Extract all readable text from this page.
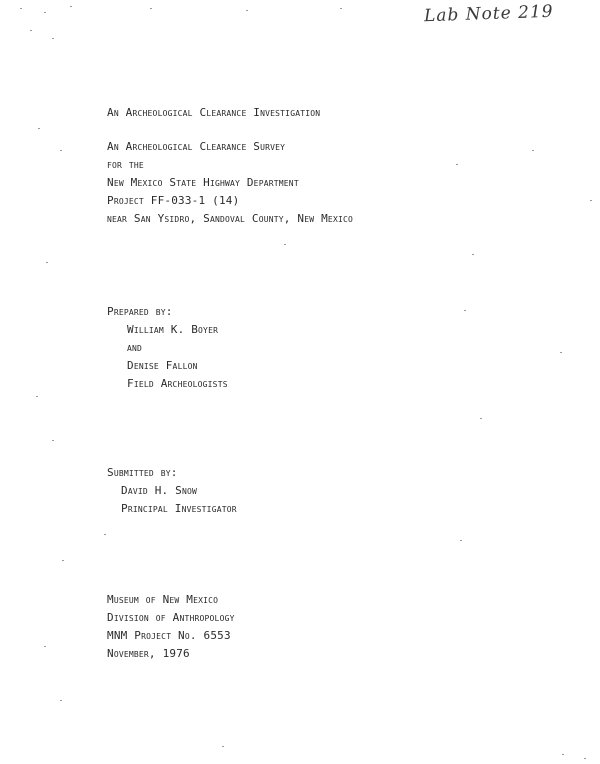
Lab Note 219
An Archeological Clearance Investigation
An Archeological Clearance Survey
for the
New Mexico State Highway Department
Project FF-033-1 (14)
near San Ysidro, Sandoval County, New Mexico
Prepared by:
William K. Boyer
and
Denise Fallon
Field Archeologists
Submitted by:
David H. Snow
Principal Investigator
Museum of New Mexico
Division of Anthropology
MNM Project No. 6553
November, 1976
